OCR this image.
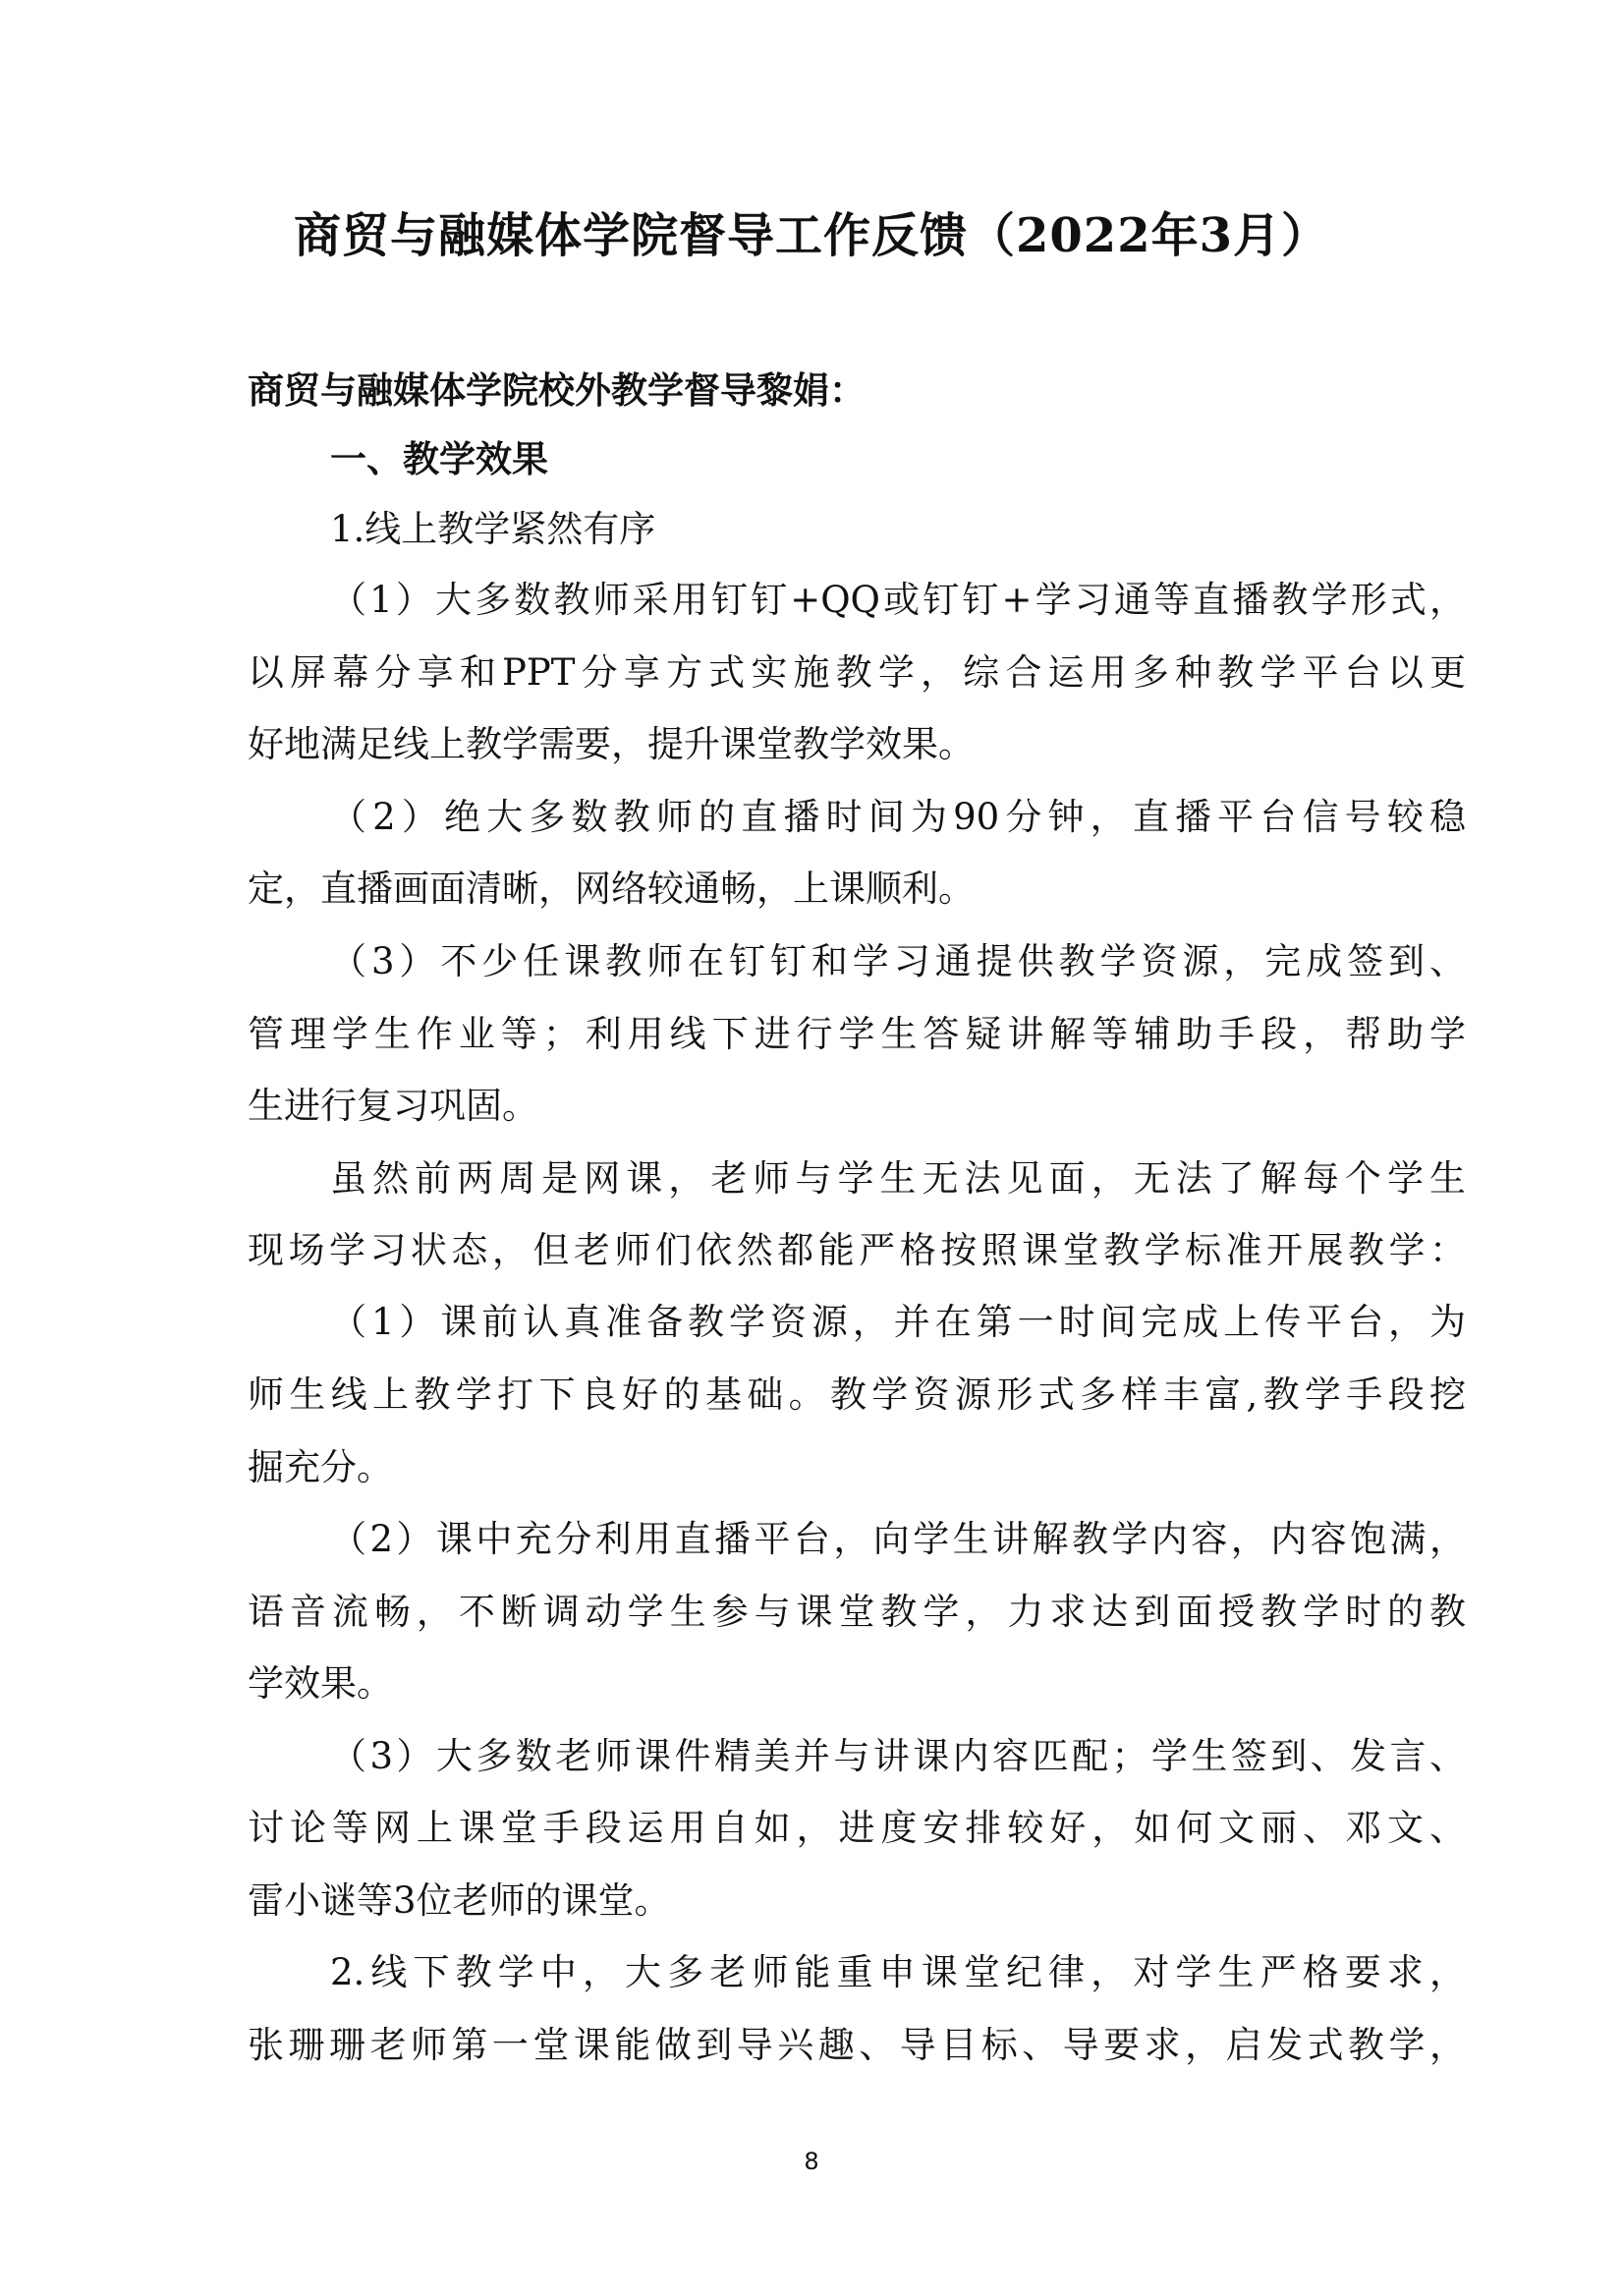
商贸与融媒体学院督导工作反馈（2022年3月）
商贸与融媒体学院校外教学督导黎娟：
一、教学效果
1.线上教学紧然有序
（1）大多数教师采用钉钉+QQ或钉钉+学习通等直播教学形式，
以屏幕分享和PPT分享方式实施教学，综合运用多种教学平台以更
好地满足线上教学需要，提升课堂教学效果。
（2）绝大多数教师的直播时间为90分钟，直播平台信号较稳
定，直播画面清晰，网络较通畅，上课顺利。
（3）不少任课教师在钉钉和学习通提供教学资源，完成签到、
管理学生作业等；利用线下进行学生答疑讲解等辅助手段，帮助学
生进行复习巩固。
虽然前两周是网课，老师与学生无法见面，无法了解每个学生
现场学习状态，但老师们依然都能严格按照课堂教学标准开展教学：
（1）课前认真准备教学资源，并在第一时间完成上传平台，为
师生线上教学打下良好的基础。教学资源形式多样丰富,教学手段挖
掘充分。
（2）课中充分利用直播平台，向学生讲解教学内容，内容饱满，
语音流畅，不断调动学生参与课堂教学，力求达到面授教学时的教
学效果。
（3）大多数老师课件精美并与讲课内容匹配；学生签到、发言、
讨论等网上课堂手段运用自如，进度安排较好，如何文丽、邓文、
雷小谜等3位老师的课堂。
2.线下教学中，大多老师能重申课堂纪律，对学生严格要求，
张珊珊老师第一堂课能做到导兴趣、导目标、导要求，启发式教学，
8
